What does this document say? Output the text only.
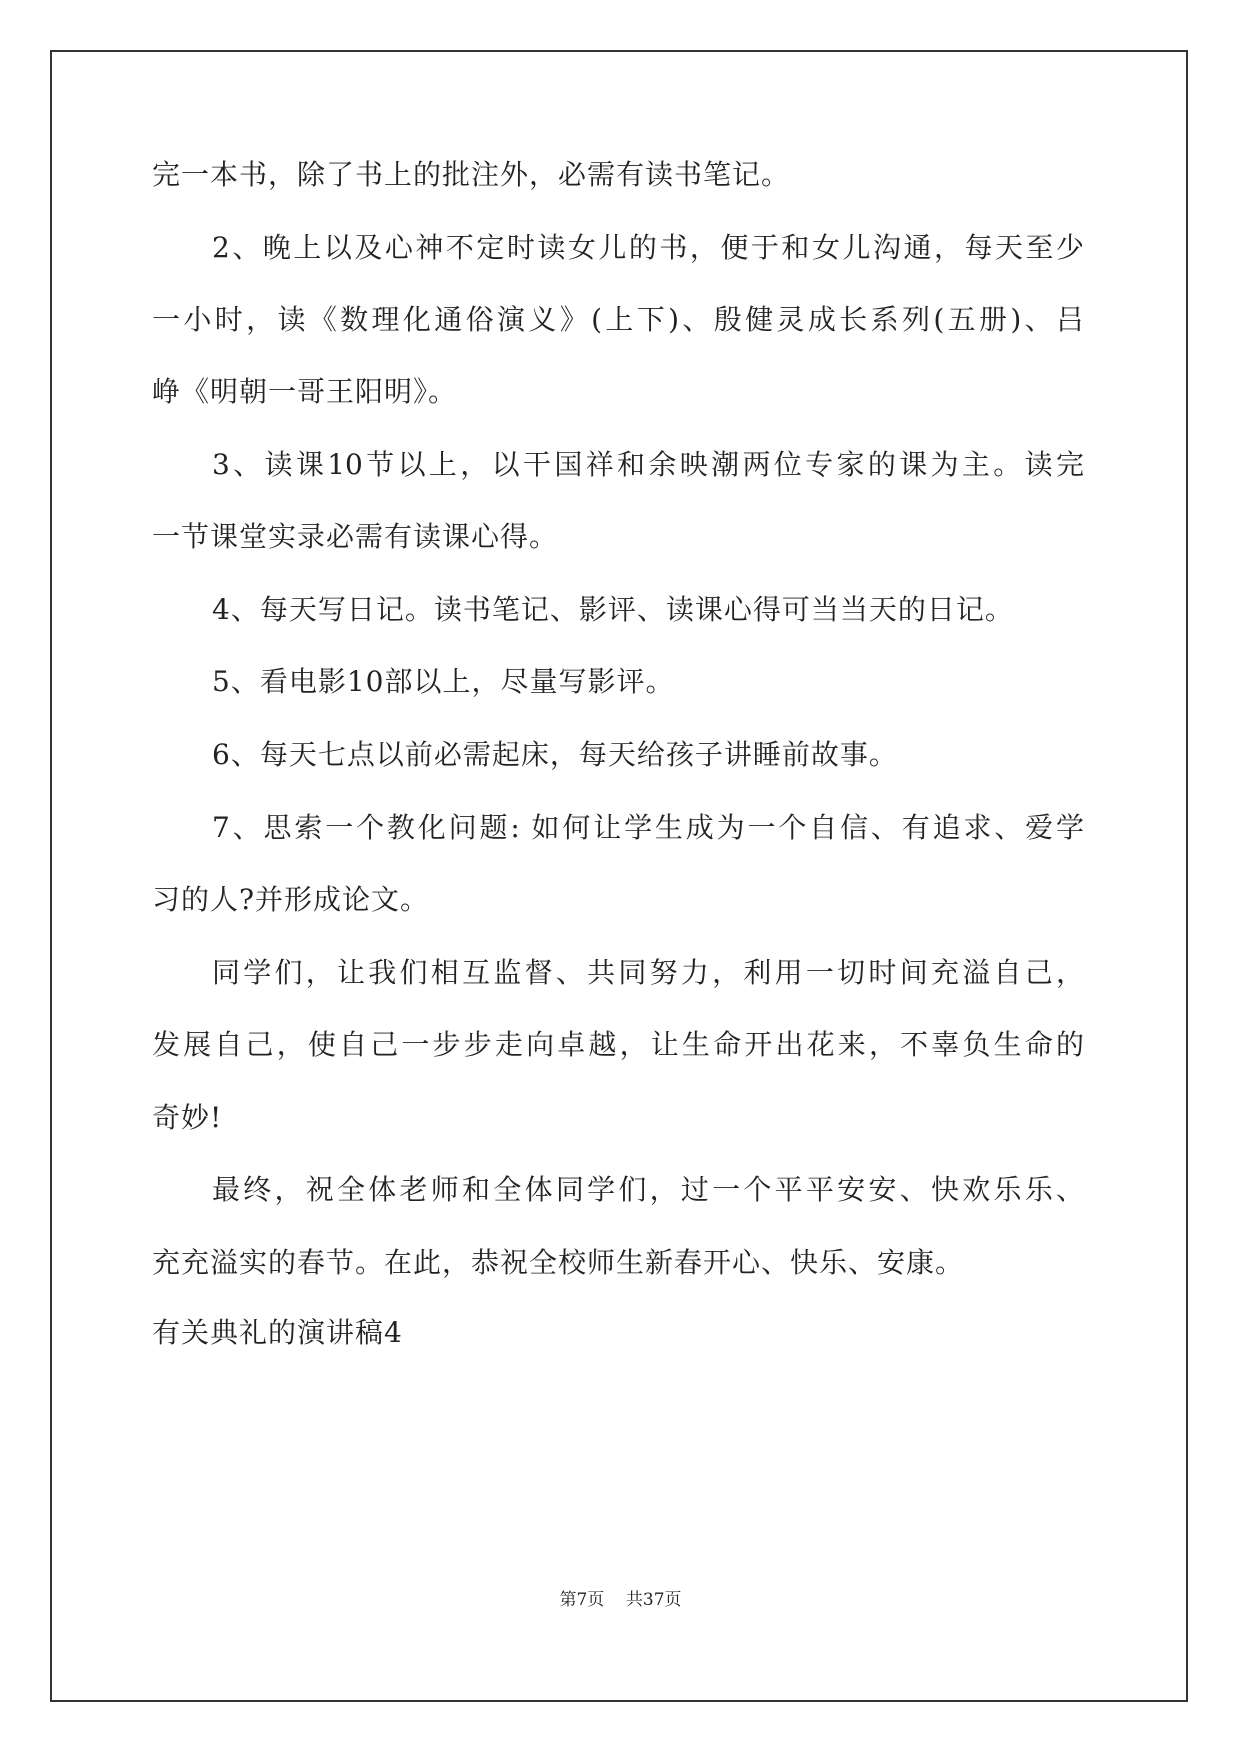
完一本书，除了书上的批注外，必需有读书笔记。
2、晚上以及心神不定时读女儿的书，便于和女儿沟通，每天至少
一小时，读《数理化通俗演义》(上下)、殷健灵成长系列(五册)、吕
峥《明朝一哥王阳明》。
3、读课10节以上，以干国祥和余映潮两位专家的课为主。读完
一节课堂实录必需有读课心得。
4、每天写日记。读书笔记、影评、读课心得可当当天的日记。
5、看电影10部以上，尽量写影评。
6、每天七点以前必需起床，每天给孩子讲睡前故事。
7、思索一个教化问题: 如何让学生成为一个自信、有追求、爱学
习的人?并形成论文。
同学们，让我们相互监督、共同努力，利用一切时间充溢自己，
发展自己，使自己一步步走向卓越，让生命开出花来，不辜负生命的
奇妙!
最终，祝全体老师和全体同学们，过一个平平安安、快欢乐乐、
充充溢实的春节。在此，恭祝全校师生新春开心、快乐、安康。
有关典礼的演讲稿4
第7页    共37页
